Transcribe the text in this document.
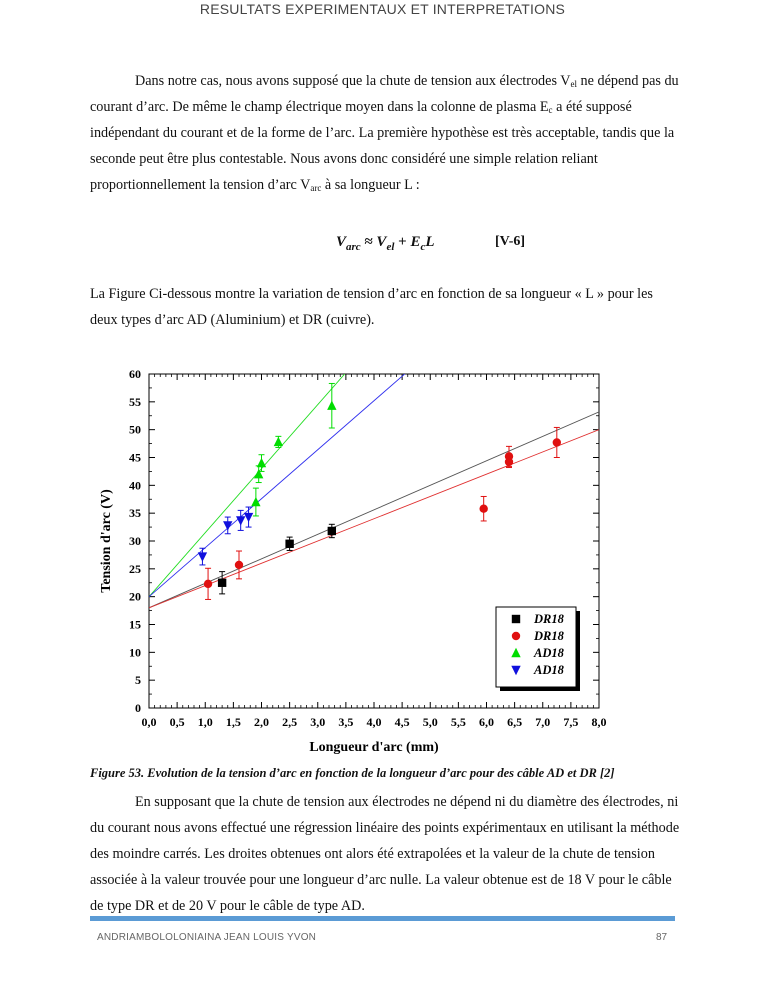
RESULTATS EXPERIMENTAUX ET INTERPRETATIONS

Dans notre cas, nous avons supposé que la chute de tension aux électrodes $V_{el}$ ne dépend pas du courant d’arc. De même le champ électrique moyen dans la colonne de plasma $E_c$ a été supposé indépendant du courant et de la forme de l’arc. La première hypothèse est très acceptable, tandis que la seconde peut être plus contestable. Nous avons donc considéré une simple relation reliant proportionnellement la tension d’arc $V_{arc}$ à sa longueur L :

$V_{arc} \approx V_{el} + E_cL$	[V-6]

La Figure Ci-dessous montre la variation de tension d’arc en fonction de sa longueur « L » pour les deux types d’arc AD (Aluminium) et DR (cuivre).

0,0 0,5 1,0 1,5 2,0 2,5 3,0 3,5 4,0 4,5 5,0 5,5 6,0 6,5 7,0 7,5 8,0
0
5
10
15
20
25
30
35
40
45
50
55
60
Longueur d'arc (mm)
Tension d'arc (V)
DR18
DR18
AD18
AD18
Figure 53. Evolution de la tension d’arc en fonction de la longueur d’arc pour des câble AD et DR [2]

En supposant que la chute de tension aux électrodes ne dépend ni du diamètre des électrodes, ni du courant nous avons effectué une régression linéaire des points expérimentaux en utilisant la méthode des moindre carrés. Les droites obtenues ont alors été extrapolées et la valeur de la chute de tension associée à la valeur trouvée pour une longueur d’arc nulle. La valeur obtenue est de 18 V pour le câble de type DR et de 20 V pour le câble de type AD.

ANDRIAMBOLOLONIAINA JEAN LOUIS YVON	87
